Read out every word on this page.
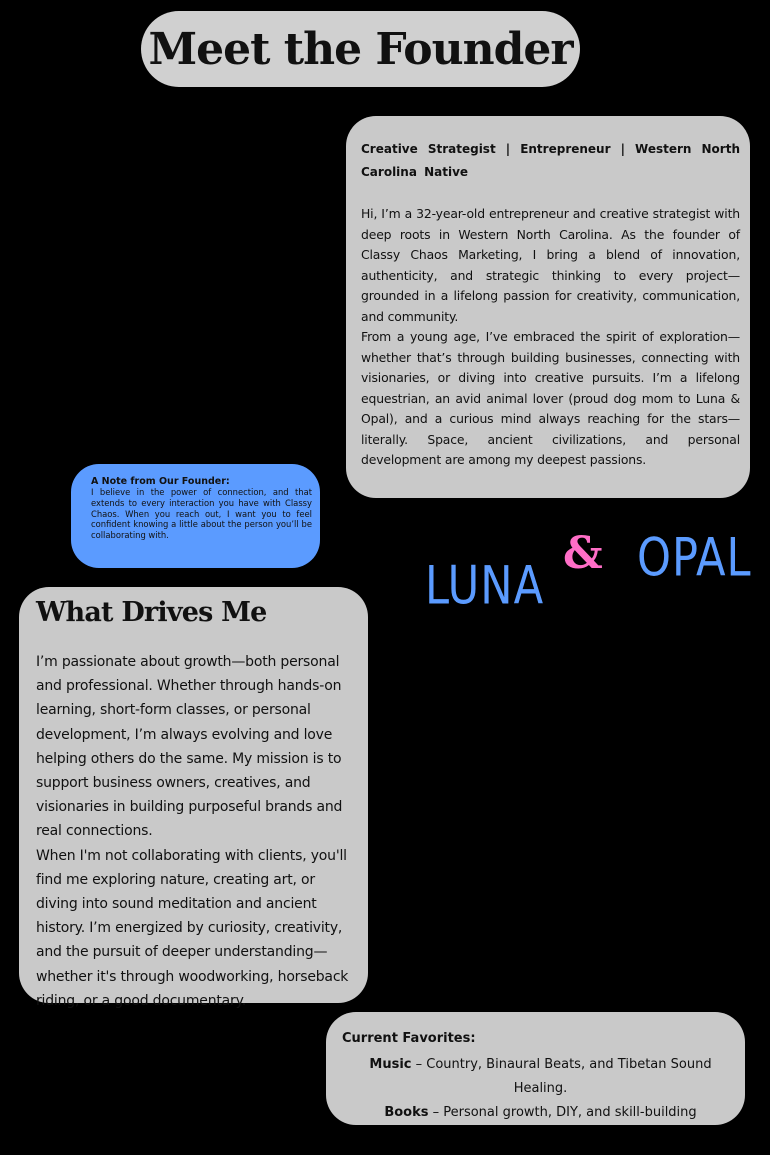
Meet the Founder
Creative Strategist | Entrepreneur | Western North Carolina Native

Hi, I’m a 32-year-old entrepreneur and creative strategist with deep roots in Western North Carolina. As the founder of Classy Chaos Marketing, I bring a blend of innovation, authenticity, and strategic thinking to every project—grounded in a lifelong passion for creativity, communication, and community.

From a young age, I’ve embraced the spirit of exploration—whether that’s through building businesses, connecting with visionaries, or diving into creative pursuits. I’m a lifelong equestrian, an avid animal lover (proud dog mom to Luna & Opal), and a curious mind always reaching for the stars—literally. Space, ancient civilizations, and personal development are among my deepest passions.

A Note from Our Founder:

I believe in the power of connection, and that extends to every interaction you have with Classy Chaos. When you reach out, I want you to feel confident knowing a little about the person you’ll be collaborating with.

LUNA
& OPAL
What Drives Me

I’m passionate about growth—both personal and professional. Whether through hands-on learning, short-form classes, or personal development, I’m always evolving and love helping others do the same. My mission is to support business owners, creatives, and visionaries in building purposeful brands and real connections.

When I'm not collaborating with clients, you'll find me exploring nature, creating art, or diving into sound meditation and ancient history. I’m energized by curiosity, creativity, and the pursuit of deeper understanding—whether it's through woodworking, horseback riding, or a good documentary.

Current Favorites:
Music – Country, Binaural Beats, and Tibetan Sound Healing.
Books – Personal growth, DIY, and skill-building
